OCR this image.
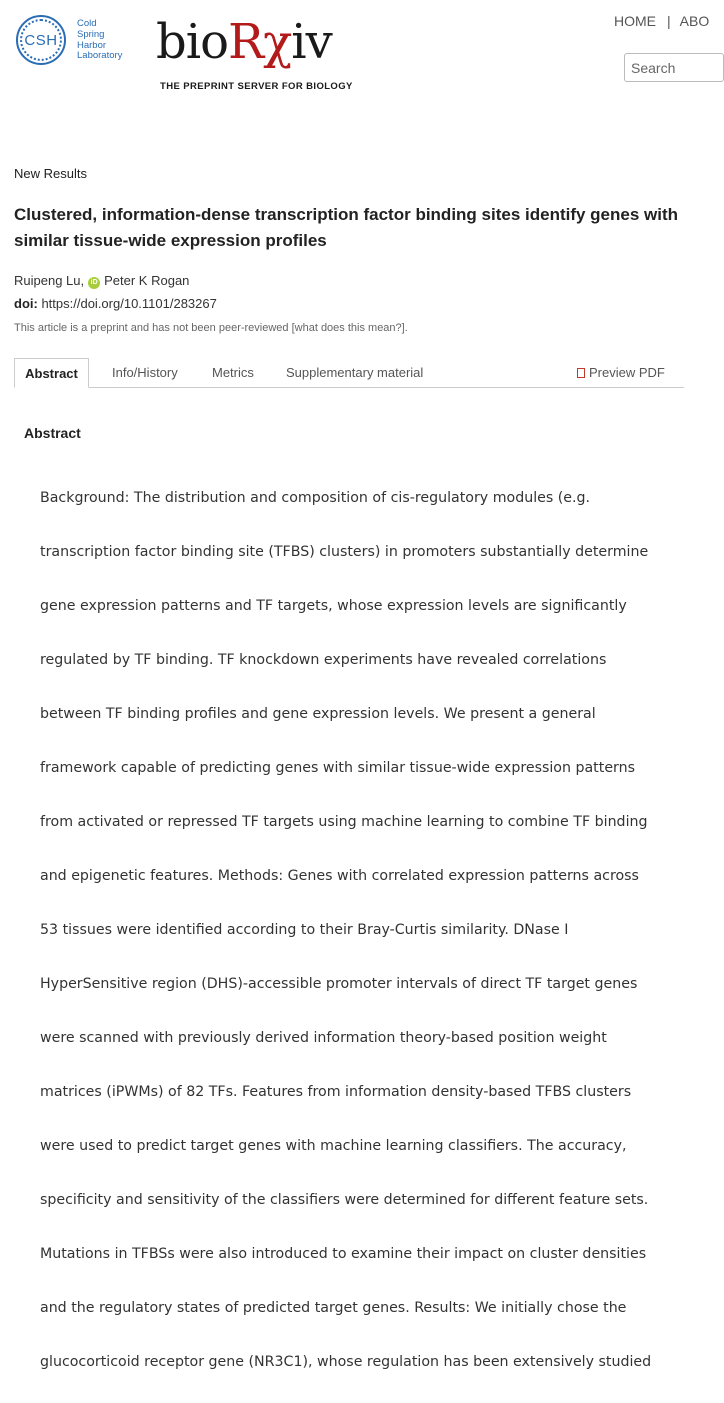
CSH
Cold
Spring
Harbor
Laboratory bioRχiv
THE PREPRINT SERVER FOR BIOLOGY
HOME | ABO
Search
New Results
Clustered, information-dense transcription factor binding sites identify genes with similar tissue-wide expression profiles
Ruipeng Lu, iD Peter K Rogan
doi: https://doi.org/10.1101/283267
This article is a preprint and has not been peer-reviewed [what does this mean?].
Abstract	Info/History	Metrics Supplementary material	Preview PDF
Abstract

Background: The distribution and composition of cis-regulatory modules (e.g.

transcription factor binding site (TFBS) clusters) in promoters substantially determine

gene expression patterns and TF targets, whose expression levels are significantly

regulated by TF binding. TF knockdown experiments have revealed correlations

between TF binding profiles and gene expression levels. We present a general

framework capable of predicting genes with similar tissue-wide expression patterns

from activated or repressed TF targets using machine learning to combine TF binding

and epigenetic features. Methods: Genes with correlated expression patterns across

53 tissues were identified according to their Bray-Curtis similarity. DNase I

HyperSensitive region (DHS)-accessible promoter intervals of direct TF target genes

were scanned with previously derived information theory-based position weight

matrices (iPWMs) of 82 TFs. Features from information density-based TFBS clusters

were used to predict target genes with machine learning classifiers. The accuracy,

specificity and sensitivity of the classifiers were determined for different feature sets.

Mutations in TFBSs were also introduced to examine their impact on cluster densities

and the regulatory states of predicted target genes. Results: We initially chose the

glucocorticoid receptor gene (NR3C1), whose regulation has been extensively studied
